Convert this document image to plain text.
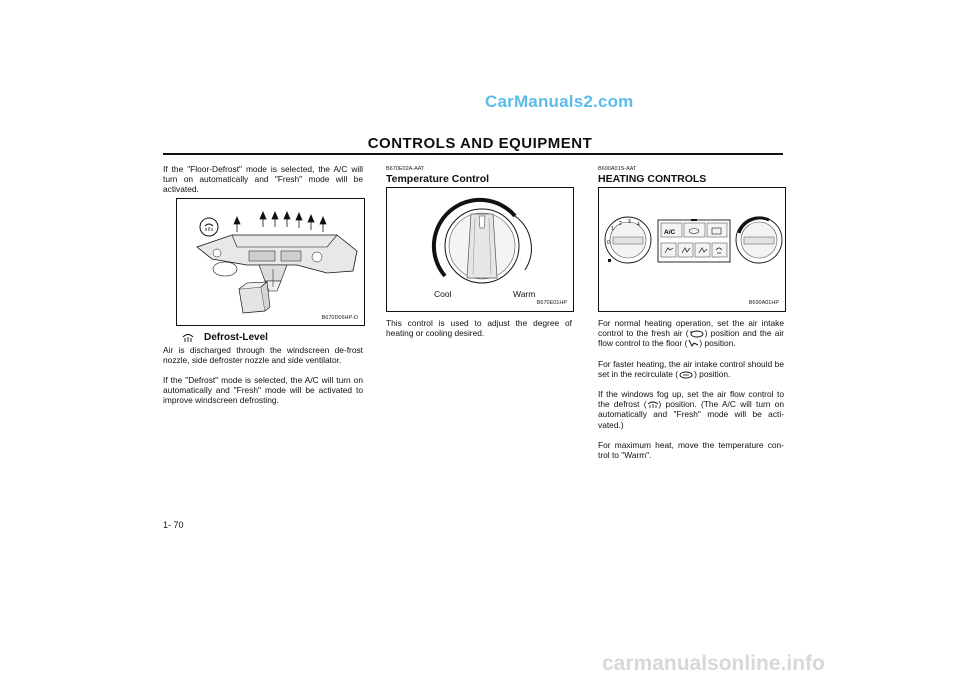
CarManuals2.com
CONTROLS AND EQUIPMENT
If the "Floor-Defrost" mode is selected, the A/C will turn on automatically and "Fresh" mode will be activated.
B670D06HP-D
Defrost-Level
Air is discharged through the windscreen de-frost nozzle, side defroster nozzle and side ventilator.
If the "Defrost" mode is selected, the A/C will turn on automatically and "Fresh" mode will be activated to improve windscreen defrosting.
B670E02A-AAT
Temperature Control
Cool	Warm
B670E01HP
This control is used to adjust the degree of heating or cooling desired.
B690A01S-AAT
HEATING CONTROLS
1
2 3 4
0
A/C
B690A01HP
For normal heating operation, set the air intake control to the fresh air ( ) position and the air flow control to the floor ( ) position.
For faster heating, the air intake control should be set in the recirculate ( ) position.
If the windows fog up, set the air flow control to the defrost ( ) position. (The A/C will turn on automatically and "Fresh" mode will be acti-vated.)
For maximum heat, move the temperature con-trol to "Warm".
1- 70
carmanualsonline.info
